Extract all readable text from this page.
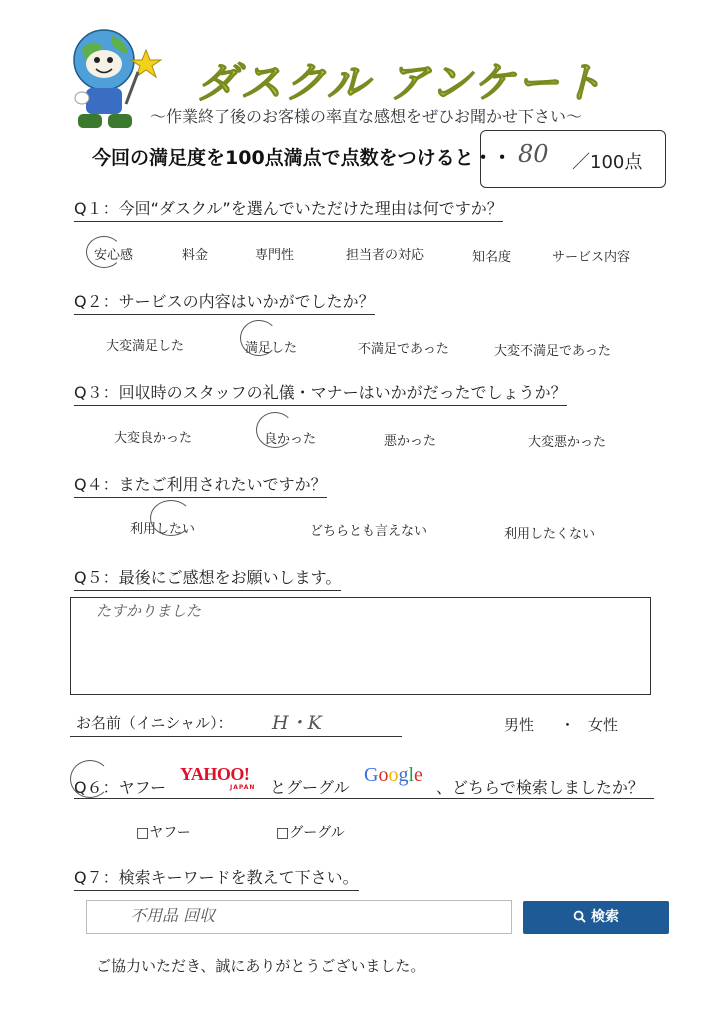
ダスクル アンケート
〜作業終了後のお客様の率直な感想をぜひお聞かせ下さい〜
今回の満足度を100点満点で点数をつけると・・ 80 ／100点
Q１：今回“ダスクル”を選んでいただけた理由は何ですか？
安心感	料金	専門性	担当者の対応	知名度	サービス内容
Q２：サービスの内容はいかがでしたか？
大変満足した	満足した	不満足であった	大変不満足であった
Q３：回収時のスタッフの礼儀・マナーはいかがだったでしょうか？
大変良かった	良かった	悪かった	大変悪かった
Q４：またご利用されたいですか？
利用したい	どちらとも言えない	利用したくない
Q５：最後にご感想をお願いします。
たすかりました
お名前（イニシャル）： H・K	男性 ・ 女性
Q６：ヤフー
YAHOO!
JAPAN とグーグル
Google
、どちらで検索しましたか？
□ヤフー	□グーグル
Q７：検索キーワードを教えて下さい。
不用品 回収	検索
ご協力いただき、誠にありがとうございました。
